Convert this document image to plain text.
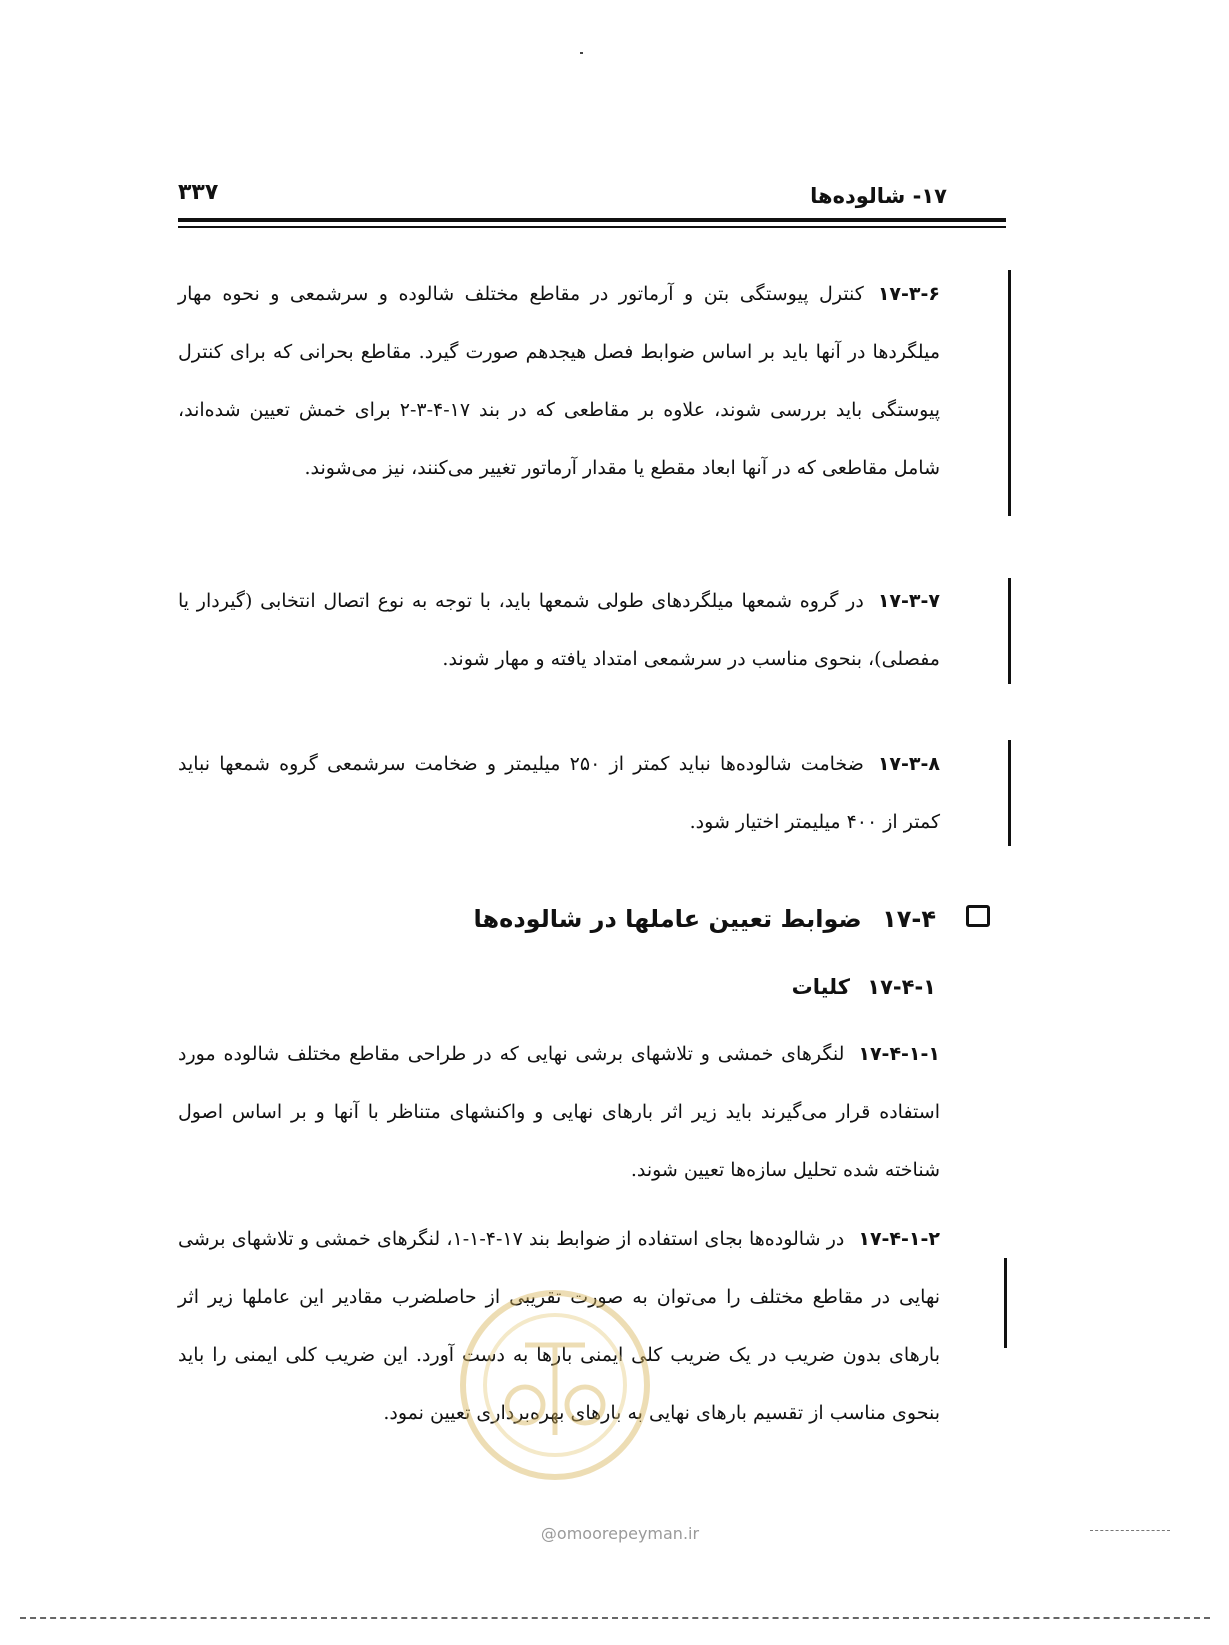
۱۷- شالوده‌ها
۳۳۷
۱۷-۳-۶کنترل پیوستگی بتن و آرماتور در مقاطع مختلف شالوده و سرشمعی و نحوه مهار میلگردها در آنها باید بر اساس ضوابط فصل هیجدهم صورت گیرد. مقاطع بحرانی که برای کنترل پیوستگی باید بررسی شوند، علاوه بر مقاطعی که در بند ۱۷-۴-۳-۲ برای خمش تعیین شده‌اند، شامل مقاطعی که در آنها ابعاد مقطع یا مقدار آرماتور تغییر می‌کنند، نیز می‌شوند.
۱۷-۳-۷در گروه شمعها میلگردهای طولی شمعها باید، با توجه به نوع اتصال انتخابی (گیردار یا مفصلی)، بنحوی مناسب در سرشمعی امتداد یافته و مهار شوند.
۱۷-۳-۸ضخامت شالوده‌ها نباید کمتر از ۲۵۰ میلیمتر و ضخامت سرشمعی گروه شمعها نباید کمتر از ۴۰۰ میلیمتر اختیار شود.
۱۷-۴ ضوابط تعیین عاملها در شالوده‌ها
۱۷-۴-۱ کلیات
۱۷-۴-۱-۱لنگرهای خمشی و تلاشهای برشی نهایی که در طراحی مقاطع مختلف شالوده مورد استفاده قرار می‌گیرند باید زیر اثر بارهای نهایی و واکنشهای متناظر با آنها و بر اساس اصول شناخته شده تحلیل سازه‌ها تعیین شوند.
۱۷-۴-۱-۲در شالوده‌ها بجای استفاده از ضوابط بند ۱۷-۴-۱-۱، لنگرهای خمشی و تلاشهای برشی نهایی در مقاطع مختلف را می‌توان به صورت تقریبی از حاصلضرب مقادیر این عاملها زیر اثر بارهای بدون ضریب در یک ضریب کلی ایمنی بارها به دست آورد. این ضریب کلی ایمنی را باید بنحوی مناسب از تقسیم بارهای نهایی به بارهای بهره‌برداری تعیین نمود.
@omoorepeyman.ir
